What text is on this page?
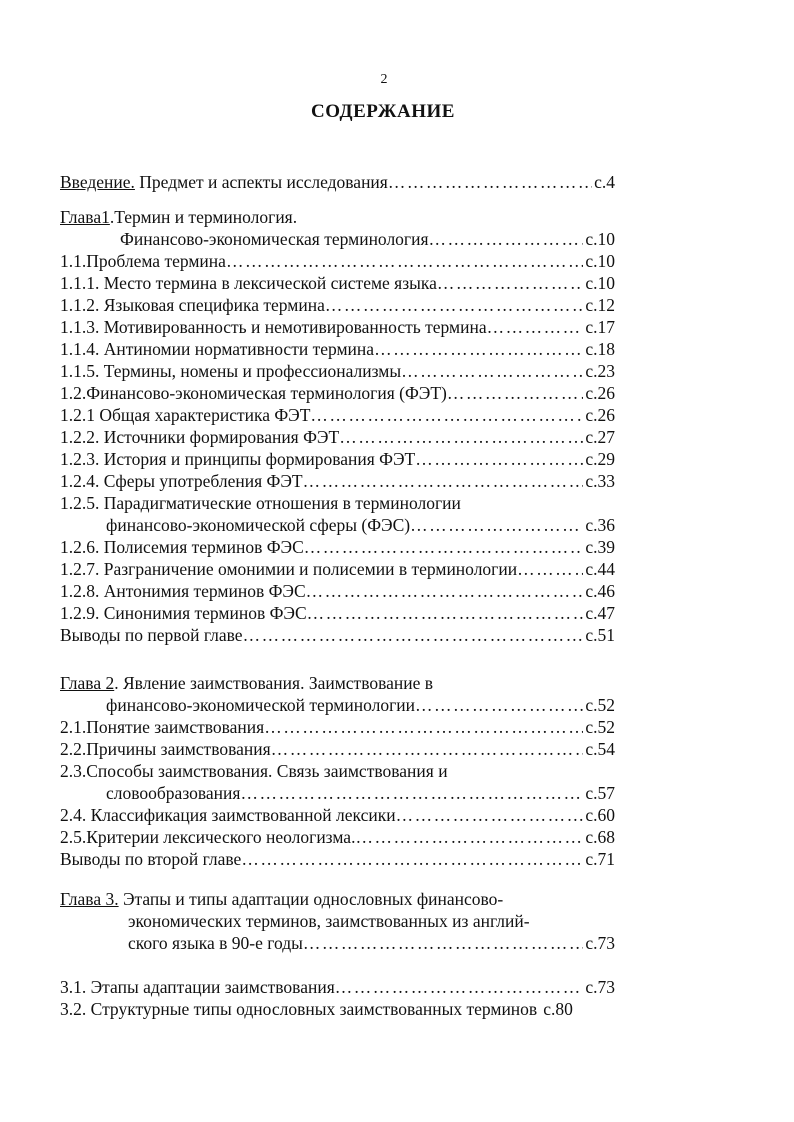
2
СОДЕРЖАНИЕ
Введение. Предмет и аспекты исследования …………………………………………………………………………………………………………………………………………………	с.4
Глава1.Термин и терминология.
Финансово-экономическая терминология …………………………………………………………………………………………………………………………………………………	с.10
1.1.Проблема термина …………………………………………………………………………………………………………………………………………………	с.10
1.1.1. Место термина в лексической системе языка …………………………………………………………………………………………………………………………………………………	с.10
1.1.2. Языковая специфика термина …………………………………………………………………………………………………………………………………………………	с.12
1.1.3. Мотивированность и немотивированность термина …………………………………………………………………………………………………………………………………………………	с.17
1.1.4. Антиномии нормативности термина …………………………………………………………………………………………………………………………………………………	с.18
1.1.5. Термины, номены и профессионализмы …………………………………………………………………………………………………………………………………………………	с.23
1.2.Финансово-экономическая терминология (ФЭТ) …………………………………………………………………………………………………………………………………………………	с.26
1.2.1 Общая характеристика ФЭТ …………………………………………………………………………………………………………………………………………………	с.26
1.2.2. Источники формирования ФЭТ …………………………………………………………………………………………………………………………………………………	с.27
1.2.3. История и принципы формирования ФЭТ …………………………………………………………………………………………………………………………………………………	с.29
1.2.4. Сферы употребления ФЭТ …………………………………………………………………………………………………………………………………………………	с.33
1.2.5. Парадигматические отношения в терминологии
финансово-экономической сферы (ФЭС) …………………………………………………………………………………………………………………………………………………	с.36
1.2.6. Полисемия терминов ФЭС …………………………………………………………………………………………………………………………………………………	с.39
1.2.7. Разграничение омонимии и полисемии в терминологии …………………………………………………………………………………………………………………………………………………	с.44
1.2.8. Антонимия терминов ФЭС …………………………………………………………………………………………………………………………………………………	с.46
1.2.9. Синонимия терминов ФЭС …………………………………………………………………………………………………………………………………………………	с.47
Выводы по первой главе …………………………………………………………………………………………………………………………………………………	с.51
Глава 2. Явление заимствования. Заимствование в
финансово-экономической терминологии …………………………………………………………………………………………………………………………………………………	с.52
2.1.Понятие заимствования …………………………………………………………………………………………………………………………………………………	с.52
2.2.Причины заимствования …………………………………………………………………………………………………………………………………………………	с.54
2.3.Способы заимствования. Связь заимствования и
словообразования …………………………………………………………………………………………………………………………………………………	с.57
2.4. Классификация заимствованной лексики …………………………………………………………………………………………………………………………………………………	с.60
2.5.Критерии лексического неологизма. …………………………………………………………………………………………………………………………………………………	с.68
Выводы по второй главе …………………………………………………………………………………………………………………………………………………	с.71
Глава 3. Этапы и типы адаптации однословных финансово-
экономических терминов, заимствованных из англий-
ского языка в 90-е годы …………………………………………………………………………………………………………………………………………………	с.73
3.1. Этапы адаптации заимствования …………………………………………………………………………………………………………………………………………………	с.73
3.2. Структурные типы однословных заимствованных терминов с.80
